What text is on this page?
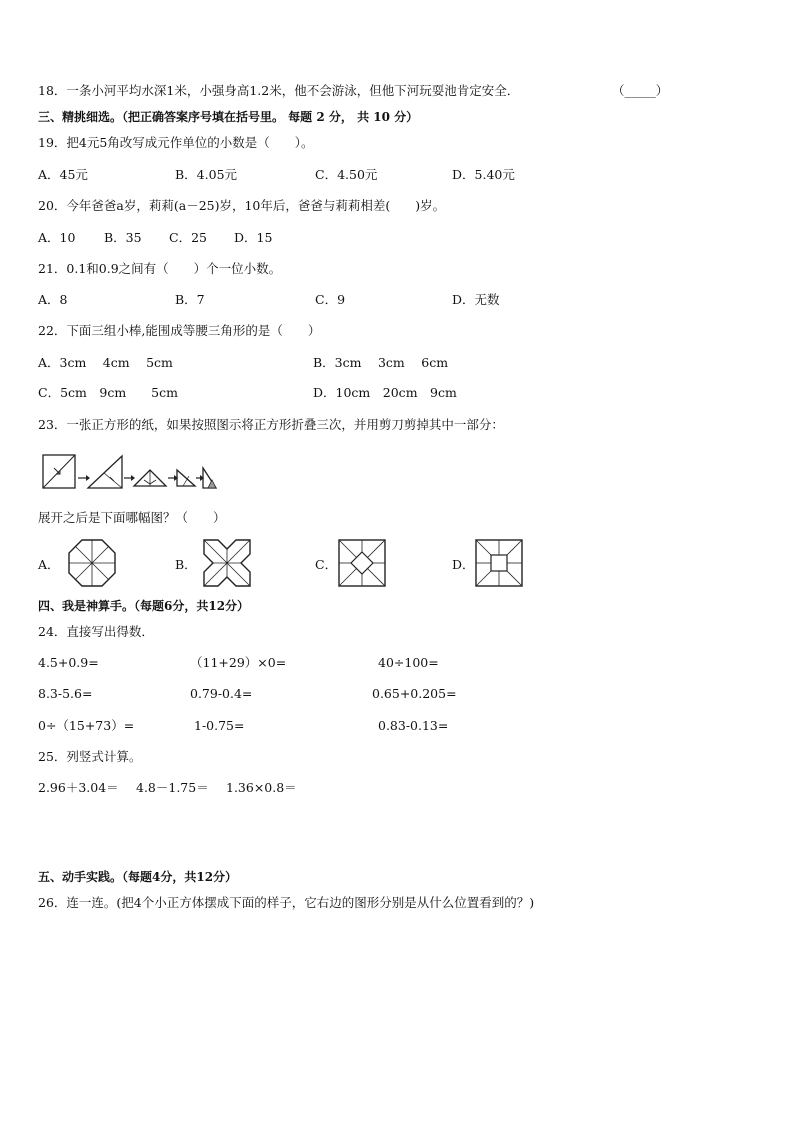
18．一条小河平均水深1米，小强身高1.2米，他不会游泳，但他下河玩耍池肯定安全．	（_____）
三、精挑细选。（把正确答案序号填在括号里。 每题 2 分， 共 10 分）
19．把4元5角改写成元作单位的小数是（　　）。
A．45元	B．4.05元	C．4.50元	D．5.40元
20．今年爸爸a岁，莉莉(a－25)岁，10年后，爸爸与莉莉相差(　　)岁。
A．10 B．35 C．25 D．15
21．0.1和0.9之间有（　　）个一位小数。
A．8	B．7	C．9	D．无数
22．下面三组小棒,能围成等腰三角形的是（　　）
A．3cm　 4cm　 5cm	B．3cm　 3cm　 6cm
C．5cm　9cm　　5cm	D．10cm　20cm　9cm
23．一张正方形的纸，如果按照图示将正方形折叠三次，并用剪刀剪掉其中一部分：
展开之后是下面哪幅图？（　　）
A．	B．	C．	D．
四、我是神算手。（每题6分，共12分）
24．直接写出得数．
4.5+0.9=	（11+29）×0=	40÷100=
8.3-5.6=	0.79-0.4=	0.65+0.205=
0÷（15+73）=	1-0.75=	0.83-0.13=
25．列竖式计算。
2.96＋3.04＝ 4.8－1.75＝ 1.36×0.8＝
五、动手实践。（每题4分，共12分）
26．连一连。(把4个小正方体摆成下面的样子，它右边的图形分别是从什么位置看到的？)
